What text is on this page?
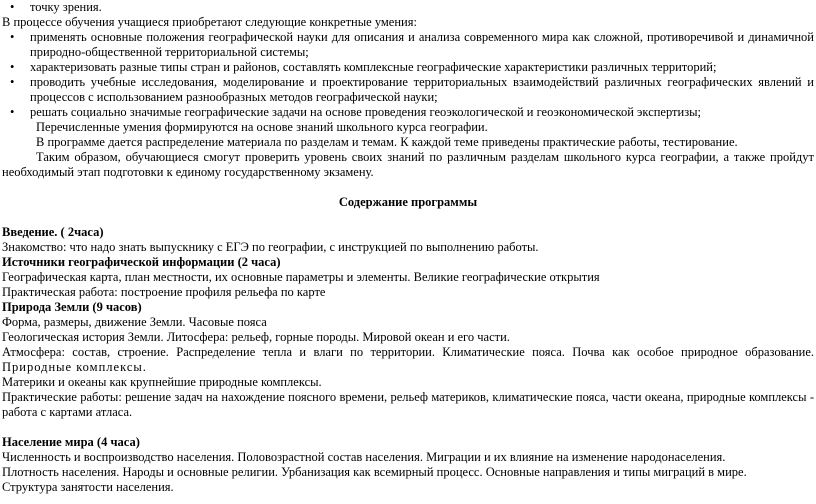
• точку зрения.

В процессе обучения учащиеся приобретают следующие конкретные умения:

• применять основные положения географической науки для описания и анализа современного мира как сложной, противоречивой и динамичной природно-общественной территориальной системы;
• характеризовать разные типы стран и районов, составлять комплексные географические характеристики различных территорий;
• проводить учебные исследования, моделирование и проектирование территориальных взаимодействий различных географических явлений и процессов с использованием разнообразных методов географической науки;
• решать социально значимые географические задачи на основе проведения геоэкологической и геоэкономической экспертизы;

Перечисленные умения формируются на основе знаний школьного курса географии.

В программе дается распределение материала по разделам и темам. К каждой теме приведены практические работы, тестирование.

Таким образом, обучающиеся смогут проверить уровень своих знаний по различным разделам школьного курса географии, а также пройдут необходимый этап подготовки к единому государственному экзамену.

Содержание программы

Введение. ( 2часа)

Знакомство: что надо знать выпускнику с ЕГЭ по географии, с инструкцией по выполнению работы.

Источники географической информации (2 часа)

Географическая карта, план местности, их основные параметры и элементы. Великие географические открытия

Практическая работа: построение профиля рельефа по карте

Природа Земли (9 часов)

Форма, размеры, движение Земли. Часовые пояса

Геологическая история Земли. Литосфера: рельеф, горные породы. Мировой океан и его части.

Атмосфера: состав, строение. Распределение тепла и влаги по территории. Климатические пояса. Почва как особое природное образование. Природные комплексы.

Материки и океаны как крупнейшие природные комплексы.

Практические работы: решение задач на нахождение поясного времени, рельеф материков, климатические пояса, части океана, природные комплексы - работа с картами атласа.

Население мира (4 часа)

Численность и воспроизводство населения. Половозрастной состав населения. Миграции и их влияние на изменение народонаселения.

Плотность населения. Народы и основные религии. Урбанизация как всемирный процесс. Основные направления и типы миграций в мире.

Структура занятости населения.
